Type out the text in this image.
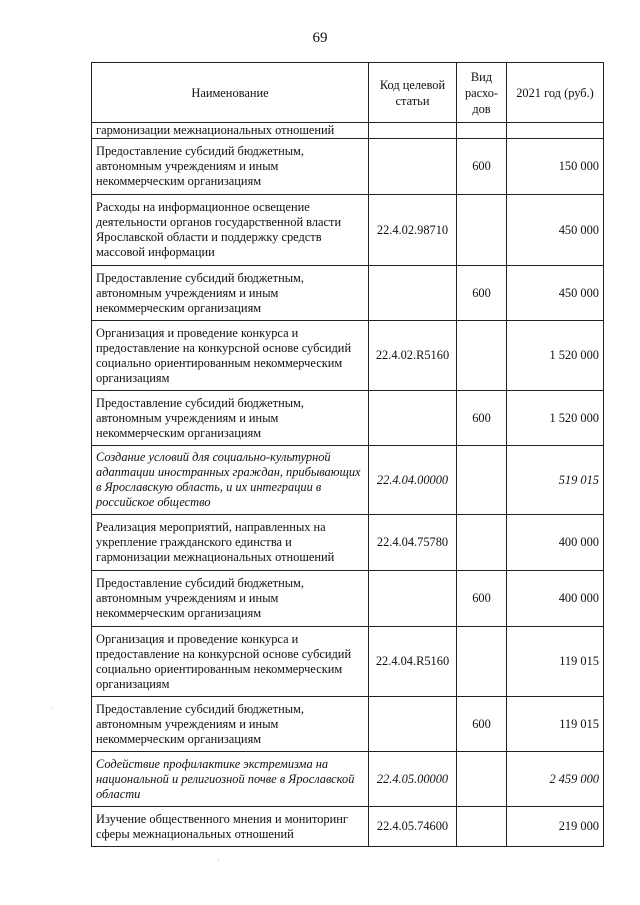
69
Наименование	Код целевой статьи	Вид расхо-дов	2021 год (руб.)
гармонизации межнациональных отношений			
Предоставление субсидий бюджетным, автономным учреждениям и иным некоммерческим организациям		600	150 000
Расходы на информационное освещение деятельности органов государственной власти Ярославской области и поддержку средств массовой информации	22.4.02.98710		450 000
Предоставление субсидий бюджетным, автономным учреждениям и иным некоммерческим организациям		600	450 000
Организация и проведение конкурса и предоставление на конкурсной основе субсидий социально ориентированным некоммерческим организациям	22.4.02.R5160		1 520 000
Предоставление субсидий бюджетным, автономным учреждениям и иным некоммерческим организациям		600	1 520 000
Создание условий для социально-культурной адаптации иностранных граждан, прибывающих в Ярославскую область, и их интеграции в российское общество	22.4.04.00000		519 015
Реализация мероприятий, направленных на укрепление гражданского единства и гармонизации межнациональных отношений	22.4.04.75780		400 000
Предоставление субсидий бюджетным, автономным учреждениям и иным некоммерческим организациям		600	400 000
Организация и проведение конкурса и предоставление на конкурсной основе субсидий социально ориентированным некоммерческим организациям	22.4.04.R5160		119 015
Предоставление субсидий бюджетным, автономным учреждениям и иным некоммерческим организациям		600	119 015
Содействие профилактике экстремизма на национальной и религиозной почве в Ярославской области	22.4.05.00000		2 459 000
Изучение общественного мнения и мониторинг сферы межнациональных отношений	22.4.05.74600		219 000
